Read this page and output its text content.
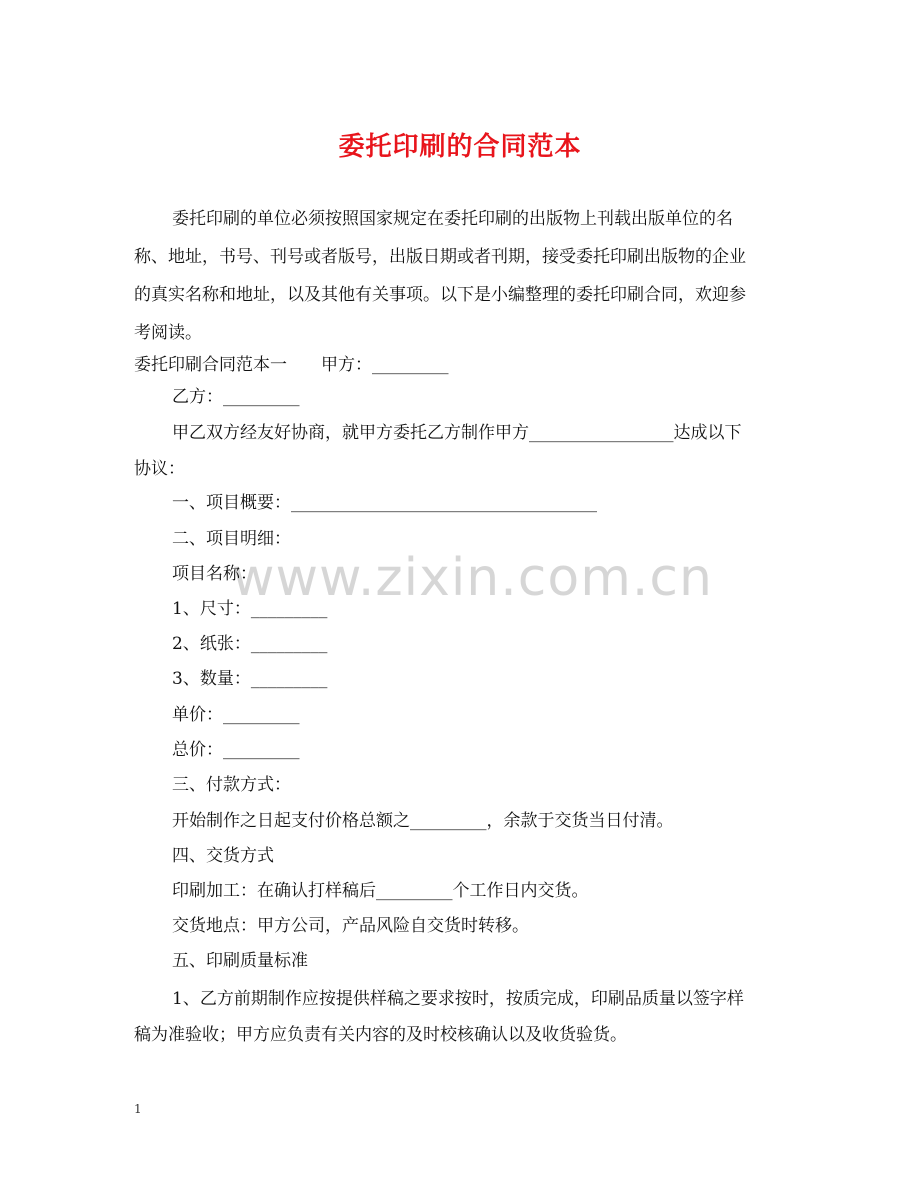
委托印刷的合同范本
www.zixin.com.cn
委托印刷的单位必须按照国家规定在委托印刷的出版物上刊载出版单位的名
称、地址，书号、刊号或者版号，出版日期或者刊期，接受委托印刷出版物的企业
的真实名称和地址，以及其他有关事项。以下是小编整理的委托印刷合同，欢迎参
考阅读。
委托印刷合同范本一　　甲方：_________
乙方：_________
甲乙双方经友好协商，就甲方委托乙方制作甲方_________________达成以下
协议：
一、项目概要：____________________________________
二、项目明细：
项目名称：
1、尺寸：_________
2、纸张：_________
3、数量：_________
单价：_________
总价：_________
三、付款方式：
开始制作之日起支付价格总额之_________，余款于交货当日付清。
四、交货方式
印刷加工：在确认打样稿后_________个工作日内交货。
交货地点：甲方公司，产品风险自交货时转移。
五、印刷质量标准
1、乙方前期制作应按提供样稿之要求按时，按质完成，印刷品质量以签字样
稿为准验收；甲方应负责有关内容的及时校核确认以及收货验货。
1
